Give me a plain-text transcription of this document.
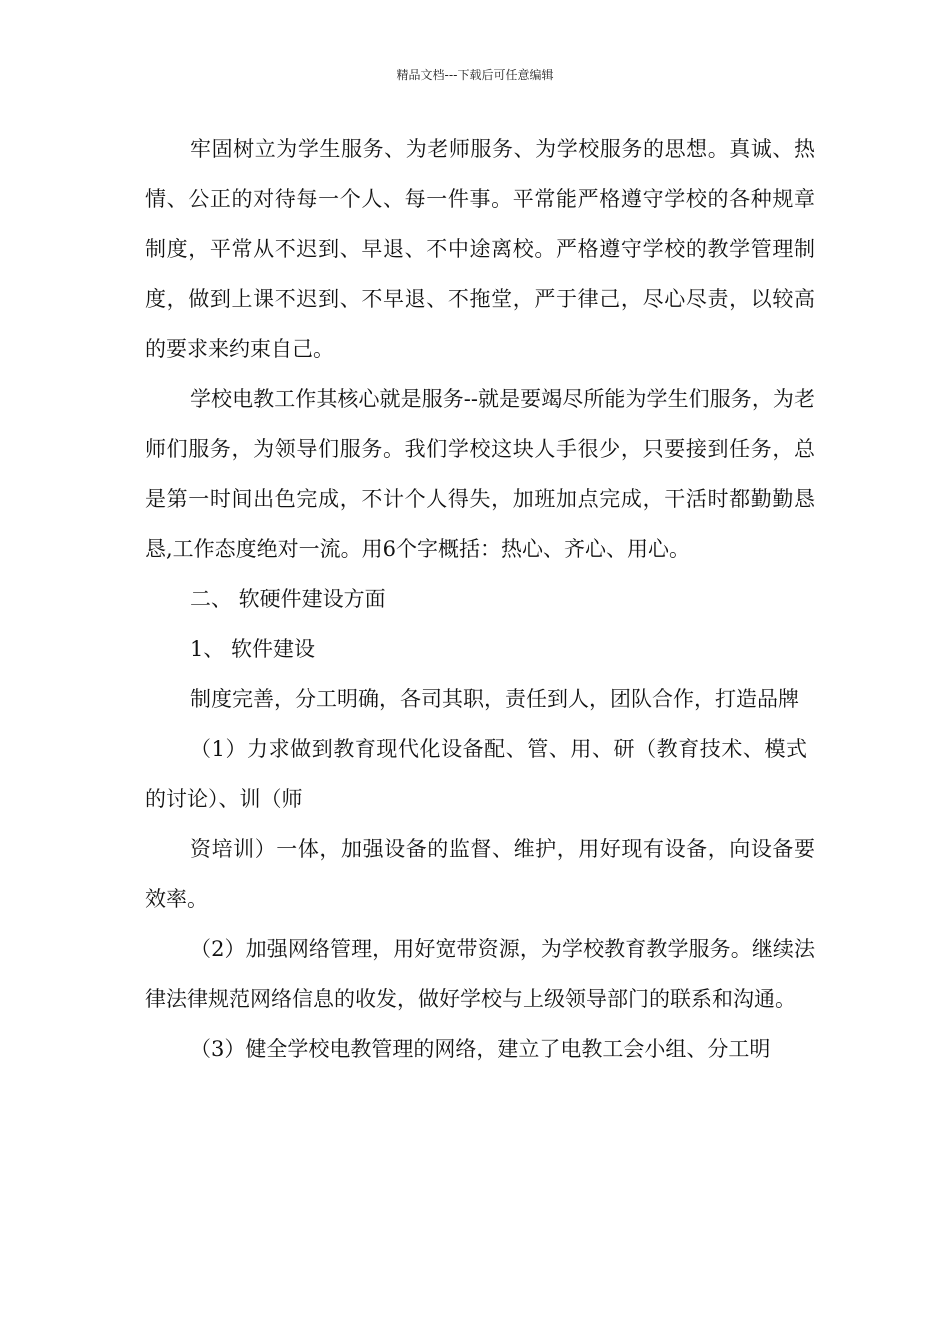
精品文档---下载后可任意编辑

牢固树立为学生服务、为老师服务、为学校服务的思想。真诚、热情、公正的对待每一个人、每一件事。平常能严格遵守学校的各种规章制度，平常从不迟到、早退、不中途离校。严格遵守学校的教学管理制度，做到上课不迟到、不早退、不拖堂，严于律己，尽心尽责，以较高的要求来约束自己。

学校电教工作其核心就是服务--就是要竭尽所能为学生们服务，为老师们服务，为领导们服务。我们学校这块人手很少，只要接到任务，总是第一时间出色完成，不计个人得失，加班加点完成，干活时都勤勤恳恳,工作态度绝对一流。用6个字概括：热心、齐心、用心。

二、 软硬件建设方面

1、 软件建设

制度完善，分工明确，各司其职，责任到人，团队合作，打造品牌

（1）力求做到教育现代化设备配、管、用、研（教育技术、模式的讨论）、训（师

资培训）一体，加强设备的监督、维护，用好现有设备，向设备要效率。

（2）加强网络管理，用好宽带资源，为学校教育教学服务。继续法律法律规范网络信息的收发，做好学校与上级领导部门的联系和沟通。

（3）健全学校电教管理的网络，建立了电教工会小组、分工明
